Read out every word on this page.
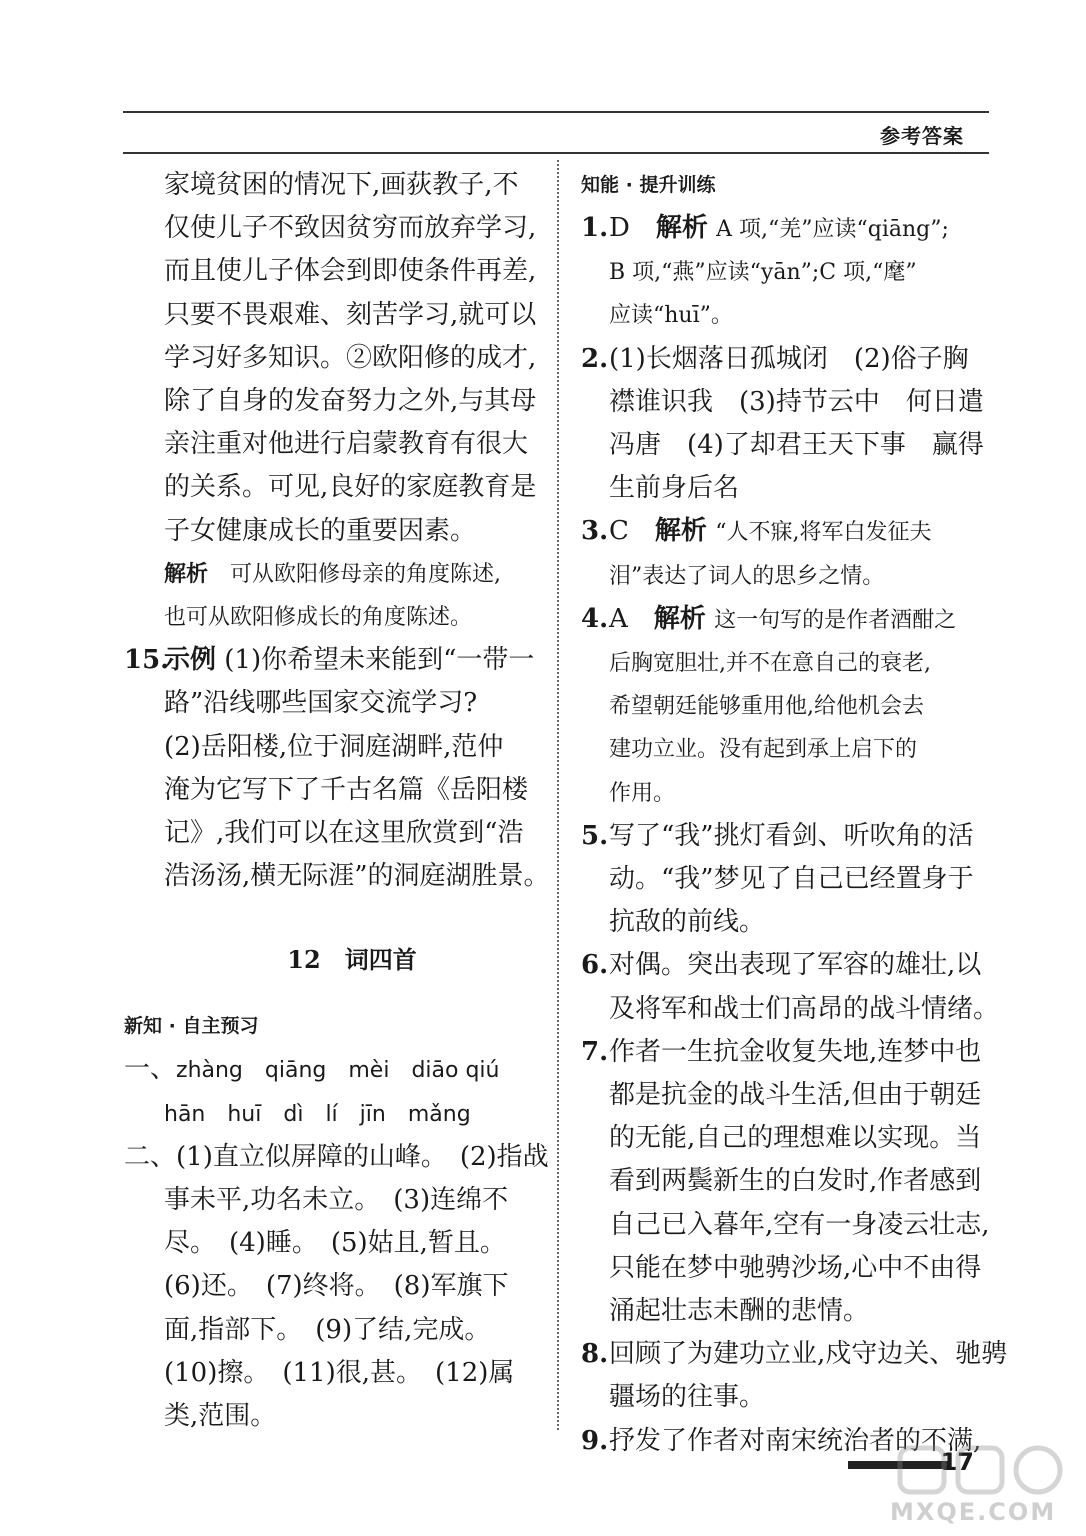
参考答案
家境贫困的情况下,画荻教子,不
仅使儿子不致因贫穷而放弃学习,
而且使儿子体会到即使条件再差,
只要不畏艰难、刻苦学习,就可以
学习好多知识。②欧阳修的成才,
除了自身的发奋努力之外,与其母
亲注重对他进行启蒙教育有很大
的关系。可见,良好的家庭教育是
子女健康成长的重要因素。
解析　 可从欧阳修母亲的角度陈述,
也可从欧阳修成长的角度陈述。
15.示例 (1)你希望未来能到“一带一
路”沿线哪些国家交流学习?
(2)岳阳楼,位于洞庭湖畔,范仲
淹为它写下了千古名篇《岳阳楼
记》,我们可以在这里欣赏到“浩
浩汤汤,横无际涯”的洞庭湖胜景。
12　词四首
新知 · 自主预习
一、zhàng　qiāng　mèi　diāo qiú
hān　huī　dì　lí　jīn　mǎng
二、(1)直立似屏障的山峰。　(2)指战
事未平,功名未立。　(3)连绵不
尽。　(4)睡。　(5)姑且,暂且。
(6)还。　(7)终将。　(8)军旗下
面,指部下。　(9)了结,完成。
(10)擦。　(11)很,甚。　(12)属
类,范围。
知能 · 提升训练
1.D　 解析 A 项,“羌”应读“qiāng”;
B 项,“燕”应读“yān”;C 项,“麾”
应读“huī”。
2.(1)长烟落日孤城闭　(2)俗子胸
襟谁识我　(3)持节云中　何日遣
冯唐　(4)了却君王天下事　赢得
生前身后名
3.C　 解析 “人不寐,将军白发征夫
泪”表达了词人的思乡之情。
4.A　 解析 这一句写的是作者酒酣之
后胸宽胆壮,并不在意自己的衰老,
希望朝廷能够重用他,给他机会去
建功立业。没有起到承上启下的
作用。
5.写了“我”挑灯看剑、听吹角的活
动。“我”梦见了自己已经置身于
抗敌的前线。
6.对偶。突出表现了军容的雄壮,以
及将军和战士们高昂的战斗情绪。
7.作者一生抗金收复失地,连梦中也
都是抗金的战斗生活,但由于朝廷
的无能,自己的理想难以实现。当
看到两鬓新生的白发时,作者感到
自己已入暮年,空有一身凌云壮志,
只能在梦中驰骋沙场,心中不由得
涌起壮志未酬的悲情。
8.回顾了为建功立业,戍守边关、驰骋
疆场的往事。
9.抒发了作者对南宋统治者的不满,
17
MXQE.COM
